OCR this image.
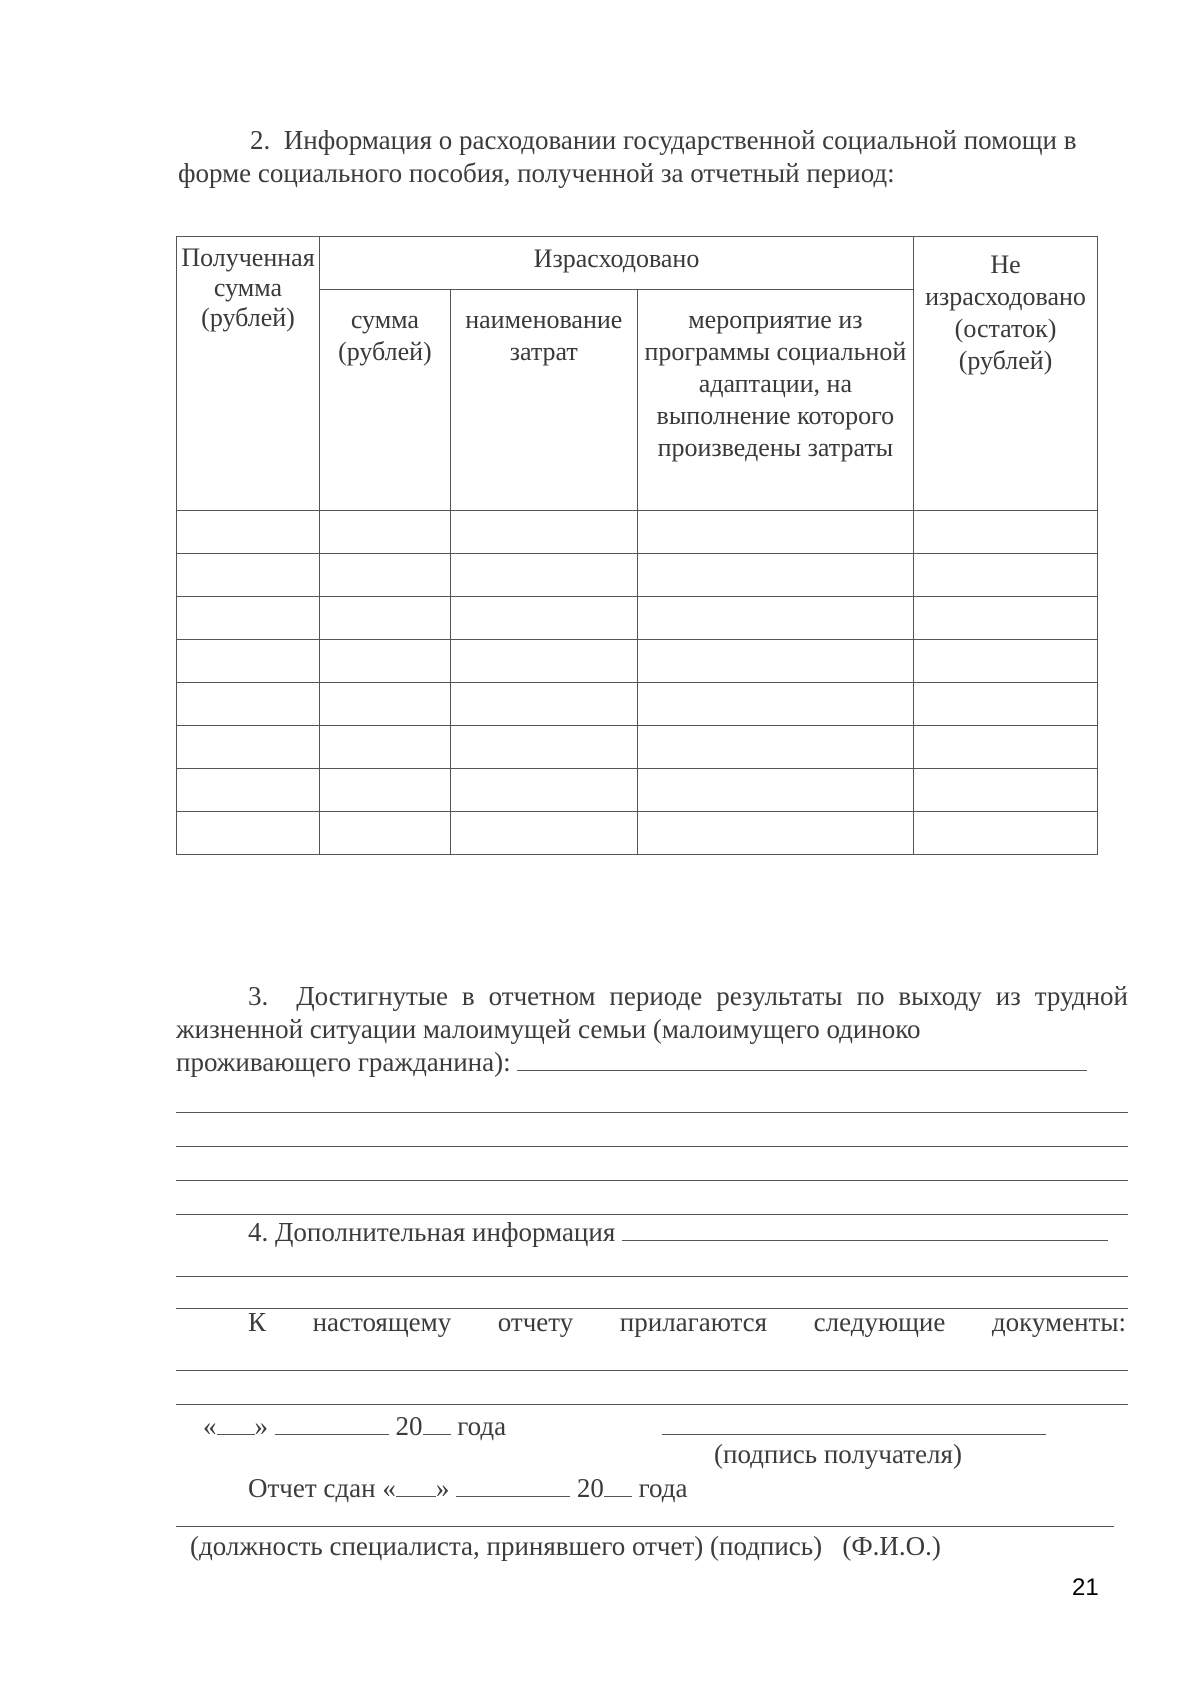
2. Информация о расходовании государственной социальной помощи в форме социального пособия, полученной за отчетный период:
Полученная сумма (рублей)	Израсходовано			Не израсходовано (остаток) (рублей)
	сумма (рублей)	наименование затрат	мероприятие из программы социальной адаптации, на выполнение которого произведены затраты	

3. Достигнутые в отчетном периоде результаты по выходу из трудной жизненной ситуации малоимущей семьи (малоимущего одиноко
проживающего гражданина):
4. Дополнительная информация
К настоящему отчету прилагаются следующие документы:
« »	20 года
(подпись получателя)
Отчет сдан « »	20 года
(должность специалиста, принявшего отчет) (подпись)   (Ф.И.О.)
21
